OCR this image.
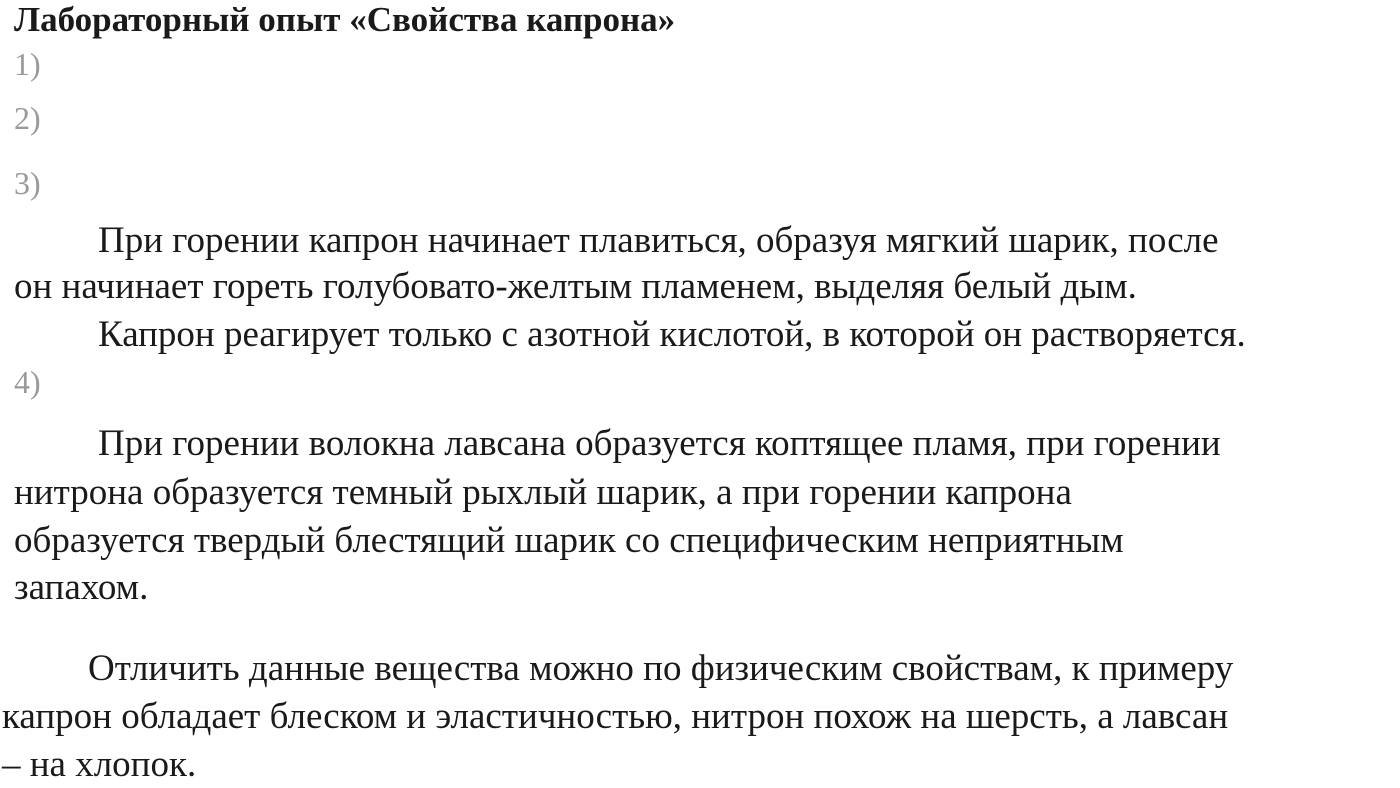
Лабораторный опыт «Свойства капрона»
1)
2)
3)
При горении капрон начинает плавиться, образуя мягкий шарик, после
он начинает гореть голубовато-желтым пламенем, выделяя белый дым.
Капрон реагирует только с азотной кислотой, в которой он растворяется.
4)
При горении волокна лавсана образуется коптящее пламя, при горении
нитрона образуется темный рыхлый шарик, а при горении капрона
образуется твердый блестящий шарик со специфическим неприятным
запахом.
Отличить данные вещества можно по физическим свойствам, к примеру
капрон обладает блеском и эластичностью, нитрон похож на шерсть, а лавсан
– на хлопок.
